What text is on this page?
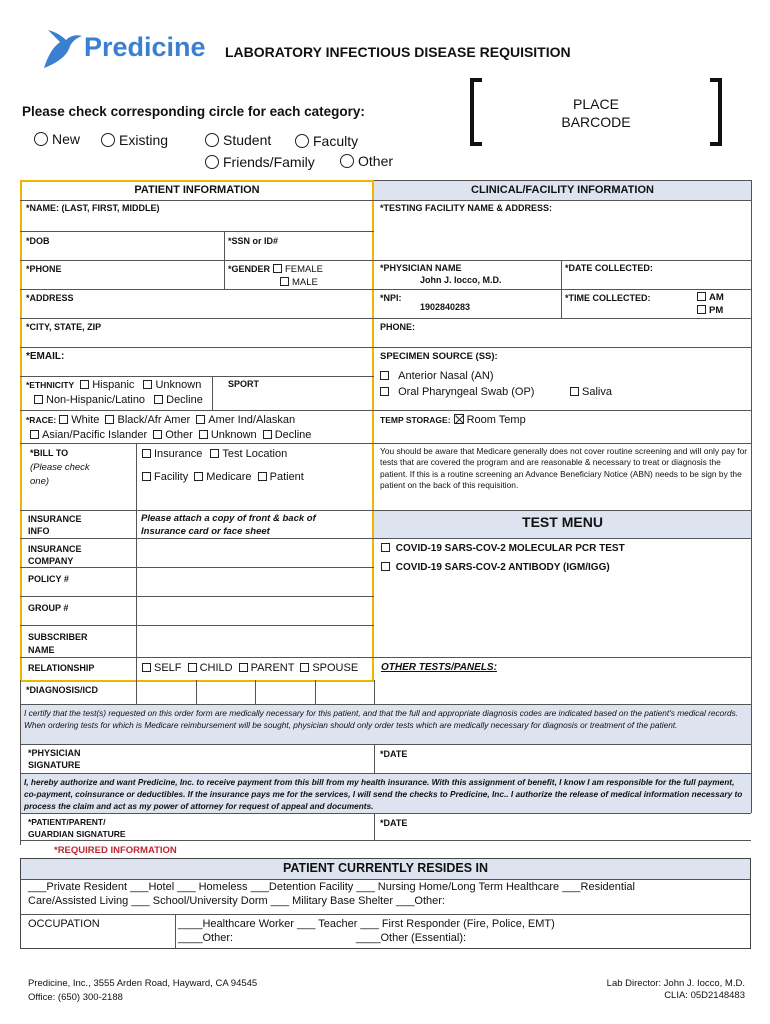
Predicine LABORATORY INFECTIOUS DISEASE REQUISITION
PLACE
BARCODE
Please check corresponding circle for each category:
New	Existing	Student	Faculty
Friends/Family	Other
PATIENT INFORMATION	CLINICAL/FACILITY INFORMATION
*NAME: (LAST, FIRST, MIDDLE)
*DOB	*SSN or ID#
*PHONE	*GENDER	FEMALE
MALE
*ADDRESS
*CITY, STATE, ZIP
*EMAIL:
*ETHNICITY Hispanic Unknown
Non-Hispanic/Latino Decline
SPORT
*RACE: White Black/Afr Amer Amer Ind/Alaskan
Asian/Pacific Islander Other Unknown Decline
*BILL TO
(Please check
one)
Insurance Test Location
Facility Medicare Patient
INSURANCE
INFO
Please attach a copy of front & back of
Insurance card or face sheet
INSURANCE
COMPANY
POLICY #
GROUP #
SUBSCRIBER
NAME
RELATIONSHIP	SELF CHILD PARENT SPOUSE
*DIAGNOSIS/ICD
*TESTING FACILITY NAME & ADDRESS:
*PHYSICIAN NAME
John J. Iocco, M.D.
*DATE COLLECTED:
*NPI:
1902840283
*TIME COLLECTED:	AM
PM
PHONE:
SPECIMEN SOURCE (SS):
Anterior Nasal (AN)
Oral Pharyngeal Swab (OP)	Saliva
TEMP STORAGE: Room Temp
You should be aware that Medicare generally does not cover routine screening and will only pay for tests that are covered the program and are reasonable & necessary to treat or diagnosis the patient. If this is a routine screening an Advance Beneficiary Notice (ABN) needs to be sign by the patient on the back of this requisition.
TEST MENU
COVID-19 SARS-COV-2 MOLECULAR PCR TEST
COVID-19 SARS-COV-2 ANTIBODY (IGM/IGG)
OTHER TESTS/PANELS:
I certify that the test(s) requested on this order form are medically necessary for this patient, and that the full and appropriate diagnosis codes are indicated based on the patient's medical records. When ordering tests for which is Medicare reimbursement will be sought, physician should only order tests which are medically necessary for diagnosis or treatment of the patient.
*PHYSICIAN
SIGNATURE
*DATE
I, hereby authorize and want Predicine, Inc. to receive payment from this bill from my health insurance. With this assignment of benefit, I know I am responsible for the full payment, co-payment, coinsurance or deductibles. If the insurance pays me for the services, I will send the checks to Predicine, Inc.. I authorize the release of medical information necessary to process the claim and act as my power of attorney for request of appeal and documents.
*PATIENT/PARENT/
GUARDIAN SIGNATURE
*DATE
*REQUIRED INFORMATION
PATIENT CURRENTLY RESIDES IN
___Private Resident ___Hotel ___ Homeless ___Detention Facility ___ Nursing Home/Long Term Healthcare ___Residential
Care/Assisted Living ___ School/University Dorm ___ Military Base Shelter ___Other:
OCCUPATION	____Healthcare Worker ___ Teacher ___ First Responder (Fire, Police, EMT)
____Other:	____Other (Essential):
Predicine, Inc., 3555 Arden Road, Hayward, CA 94545
Office: (650) 300-2188
Lab Director: John J. Iocco, M.D.
CLIA: 05D2148483
